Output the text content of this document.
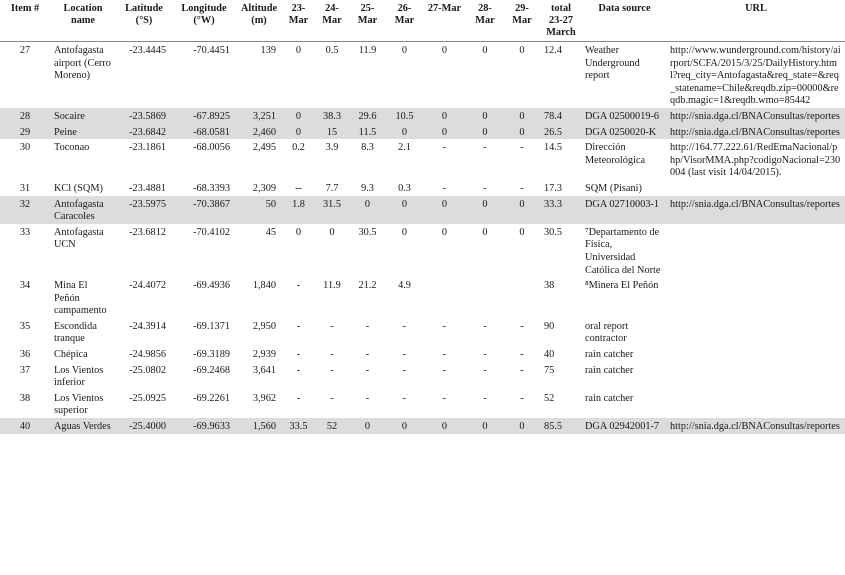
Item #	Location name	Latitude (°S)	Longitude (°W)	Altitude (m)	23-Mar	24-Mar	25-Mar	26-Mar	27-Mar	28-Mar	29-Mar	total 23-27 March	Data source	URL
27	Antofagasta airport (Cerro Moreno)	-23.4445	-70.4451	139	0	0.5	11.9	0	0	0	0	12.4	Weather Underground report	http://www.wunderground.com/history/airport/SCFA/2015/3/25/DailyHistory.html?req_city=Antofagasta&req_state=&req_statename=Chile&reqdb.zip=00000&reqdb.magic=1&reqdb.wmo=85442
28	Socaire	-23.5869	-67.8925	3,251	0	38.3	29.6	10.5	0	0	0	78.4	DGA 02500019-6	http://snia.dga.cl/BNAConsultas/reportes
29	Peine	-23.6842	-68.0581	2,460	0	15	11.5	0	0	0	0	26.5	DGA 0250020-K	http://snia.dga.cl/BNAConsultas/reportes
30	Toconao	-23.1861	-68.0056	2,495	0.2	3.9	8.3	2.1	-	-	-	14.5	Dirección Meteorológica	http://164.77.222.61/RedEmaNacional/php/VisorMMA.php?codigoNacional=230004 (last visit 14/04/2015).
31	KCl (SQM)	-23.4881	-68.3393	2,309	--	7.7	9.3	0.3	-	-	-	17.3	SQM (Pisani)	
32	Antofagasta Caracoles	-23.5975	-70.3867	50	1.8	31.5	0	0	0	0	0	33.3	DGA 02710003-1	http://snia.dga.cl/BNAConsultas/reportes
33	Antofagasta UCN	-23.6812	-70.4102	45	0	0	30.5	0	0	0	0	30.5	⁷Departamento de Física, Universidad Católica del Norte	
34	Mina El Peñón campamento	-24.4072	-69.4936	1,840	-	11.9	21.2	4.9				38	⁸Minera El Peñón	
35	Escondida tranque	-24.3914	-69.1371	2,950	-	-	-	-	-	-	-	90	oral report contractor	
36	Chépica	-24.9856	-69.3189	2,939	-	-	-	-	-	-	-	40	rain catcher	
37	Los Vientos inferior	-25.0802	-69.2468	3,641	-	-	-	-	-	-	-	75	rain catcher	
38	Los Vientos superior	-25.0925	-69.2261	3,962	-	-	-	-	-	-	-	52	rain catcher	
40	Aguas Verdes	-25.4000	-69.9633	1,560	33.5	52	0	0	0	0	0	85.5	DGA 02942001-7	http://snia.dga.cl/BNAConsultas/reportes
